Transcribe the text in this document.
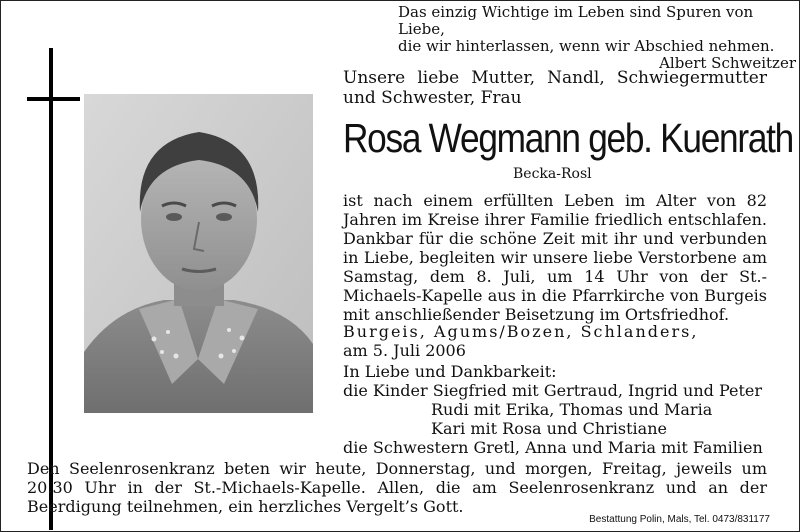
Das einzig Wichtige im Leben sind Spuren von Liebe,
die wir hinterlassen, wenn wir Abschied nehmen.
Albert Schweitzer
Unsere liebe Mutter, Nandl, Schwiegermutter und Schwester, Frau
Rosa Wegmann geb. Kuenrath
Becka-Rosl
ist nach einem erfüllten Leben im Alter von 82 Jahren im Kreise ihrer Familie friedlich entschlafen. Dankbar für die schöne Zeit mit ihr und verbunden in Liebe, begleiten wir unsere liebe Verstorbene am Samstag, dem 8. Juli, um 14 Uhr von der St.-Michaels-Kapelle aus in die Pfarrkirche von Burgeis mit anschließender Beisetzung im Ortsfriedhof.
Burgeis, Agums/Bozen, Schlanders,
am 5. Juli 2006
In Liebe und Dankbarkeit:
die Kinder Siegfried mit Gertraud, Ingrid und Peter
Rudi mit Erika, Thomas und Maria
Kari mit Rosa und Christiane
die Schwestern Gretl, Anna und Maria mit Familien
Den Seelenrosenkranz beten wir heute, Donnerstag, und morgen, Freitag, jeweils um 20.30 Uhr in der St.-Michaels-Kapelle. Allen, die am Seelenrosenkranz und an der Beerdigung teilnehmen, ein herzliches Vergelt’s Gott.
Bestattung Polin, Mals, Tel. 0473/831177
